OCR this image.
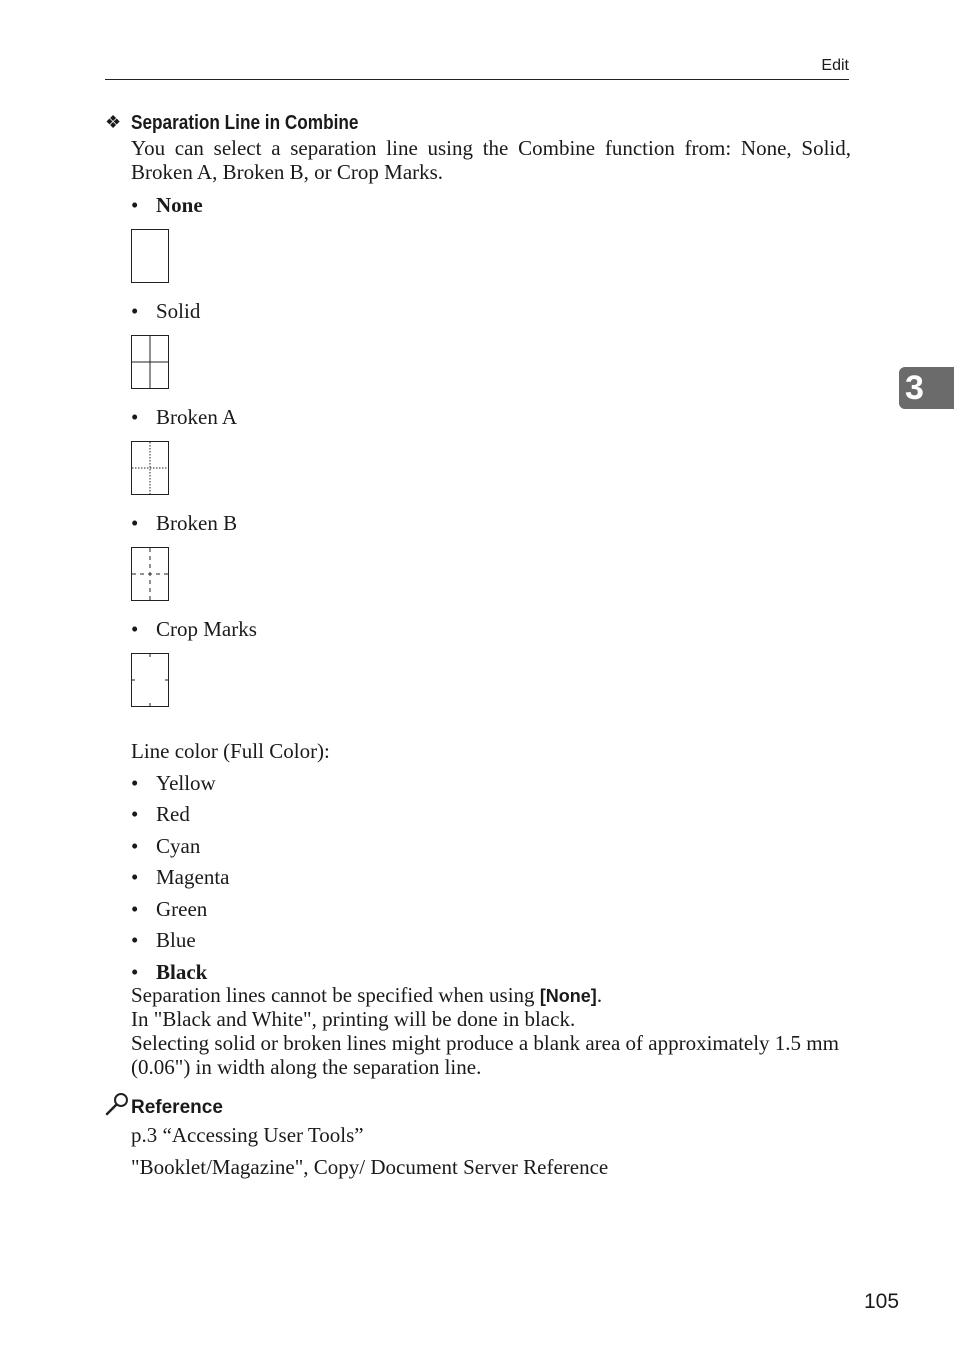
Edit
❖ Separation Line in Combine
You can select a separation line using the Combine function from: None, Solid, Broken A, Broken B, or Crop Marks.
• None
• Solid
• Broken A
• Broken B
• Crop Marks
Line color (Full Color):
• Yellow
• Red
• Cyan
• Magenta
• Green
• Blue
• Black
Separation lines cannot be specified when using [None].
In "Black and White", printing will be done in black.
Selecting solid or broken lines might produce a blank area of approximately 1.5 mm (0.06") in width along the separation line.
Reference
p.3 “Accessing User Tools”
"Booklet/Magazine", Copy/ Document Server Reference
3
105
